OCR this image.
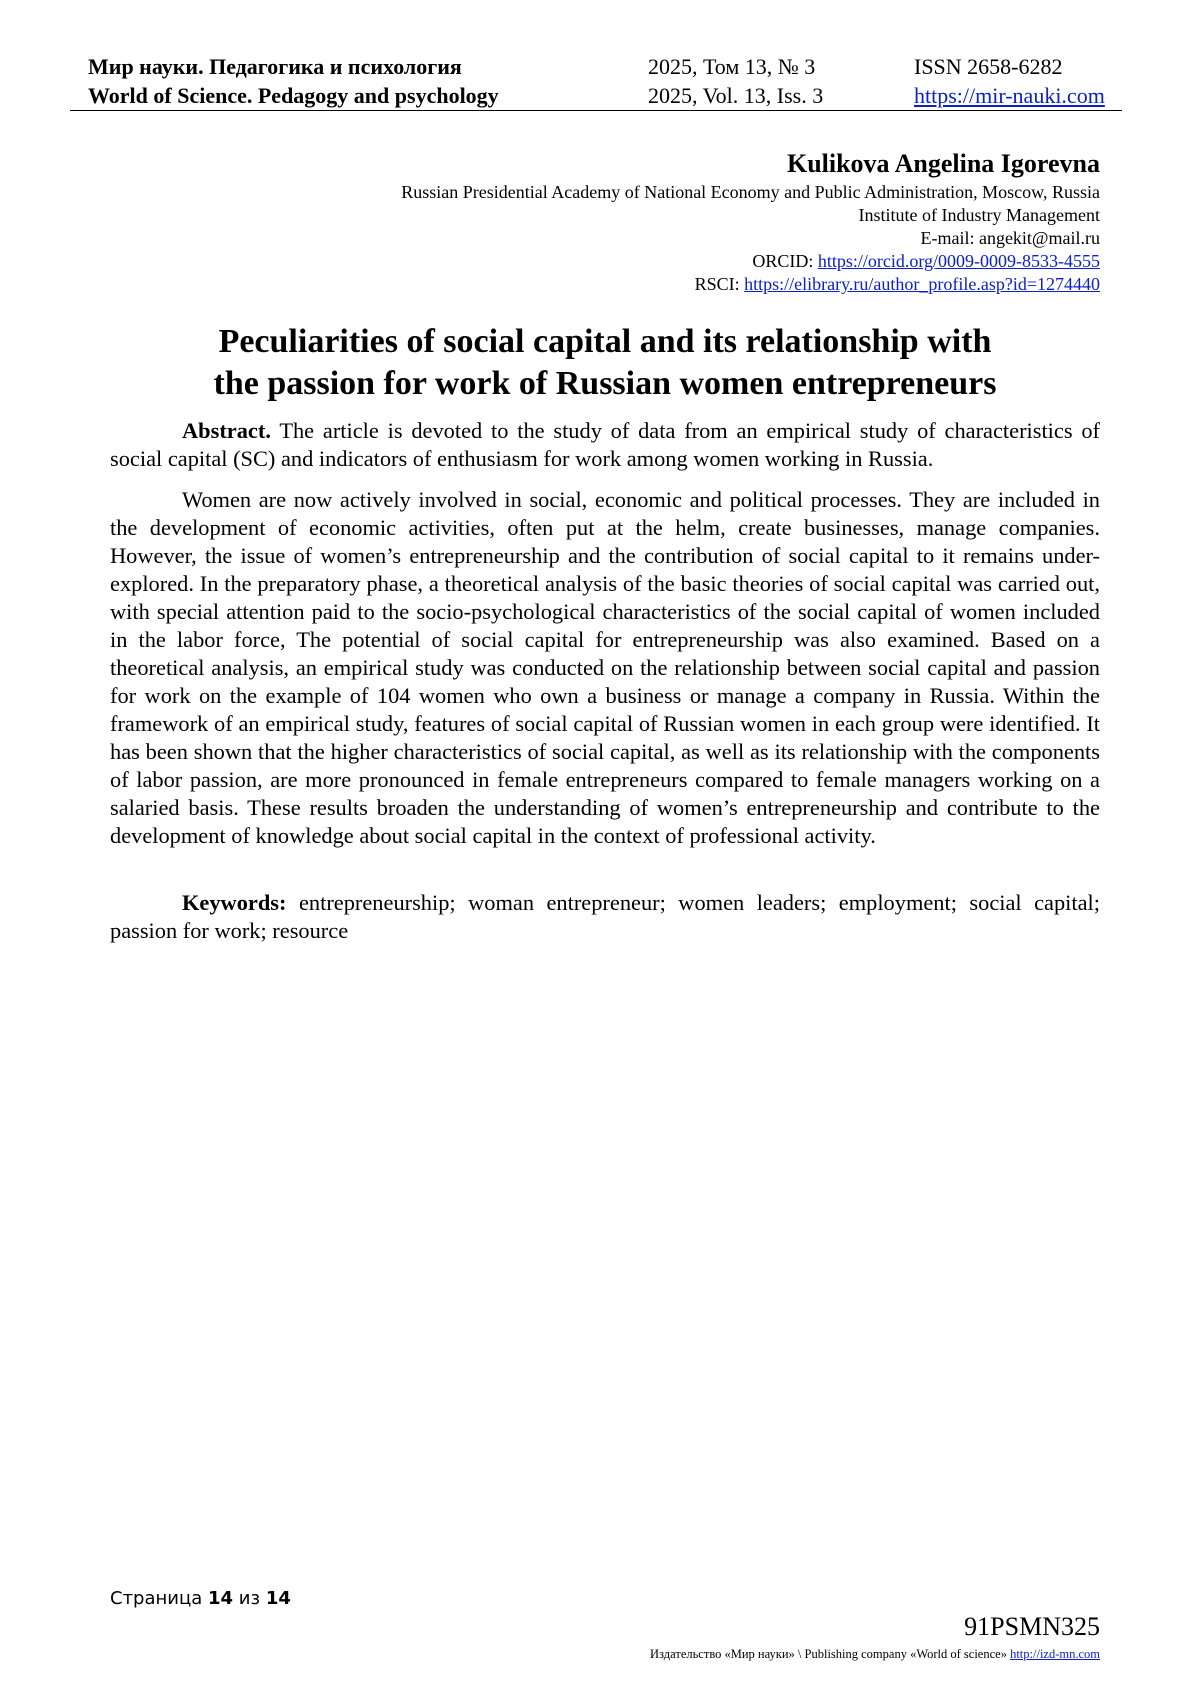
Мир науки. Педагогика и психология
World of Science. Pedagogy and psychology
2025, Том 13, № 3
2025, Vol. 13, Iss. 3
ISSN 2658-6282
https://mir-nauki.com
Kulikova Angelina Igorevna
Russian Presidential Academy of National Economy and Public Administration, Moscow, Russia
Institute of Industry Management
E-mail: angekit@mail.ru
ORCID: https://orcid.org/0009-0009-8533-4555
RSCI: https://elibrary.ru/author_profile.asp?id=1274440
Peculiarities of social capital and its relationship with
the passion for work of Russian women entrepreneurs

Abstract. The article is devoted to the study of data from an empirical study of characteristics of social capital (SC) and indicators of enthusiasm for work among women working in Russia.

Women are now actively involved in social, economic and political processes. They are included in the development of economic activities, often put at the helm, create businesses, manage companies. However, the issue of women’s entrepreneurship and the contribution of social capital to it remains under-explored. In the preparatory phase, a theoretical analysis of the basic theories of social capital was carried out, with special attention paid to the socio-psychological characteristics of the social capital of women included in the labor force, The potential of social capital for entrepreneurship was also examined. Based on a theoretical analysis, an empirical study was conducted on the relationship between social capital and passion for work on the example of 104 women who own a business or manage a company in Russia. Within the framework of an empirical study, features of social capital of Russian women in each group were identified. It has been shown that the higher characteristics of social capital, as well as its relationship with the components of labor passion, are more pronounced in female entrepreneurs compared to female managers working on a salaried basis. These results broaden the understanding of women’s entrepreneurship and contribute to the development of knowledge about social capital in the context of professional activity.

Keywords: entrepreneurship; woman entrepreneur; women leaders; employment; social capital; passion for work; resource

Страница 14 из 14
91PSMN325
Издательство «Мир науки» \ Publishing company «World of science» http://izd-mn.com
